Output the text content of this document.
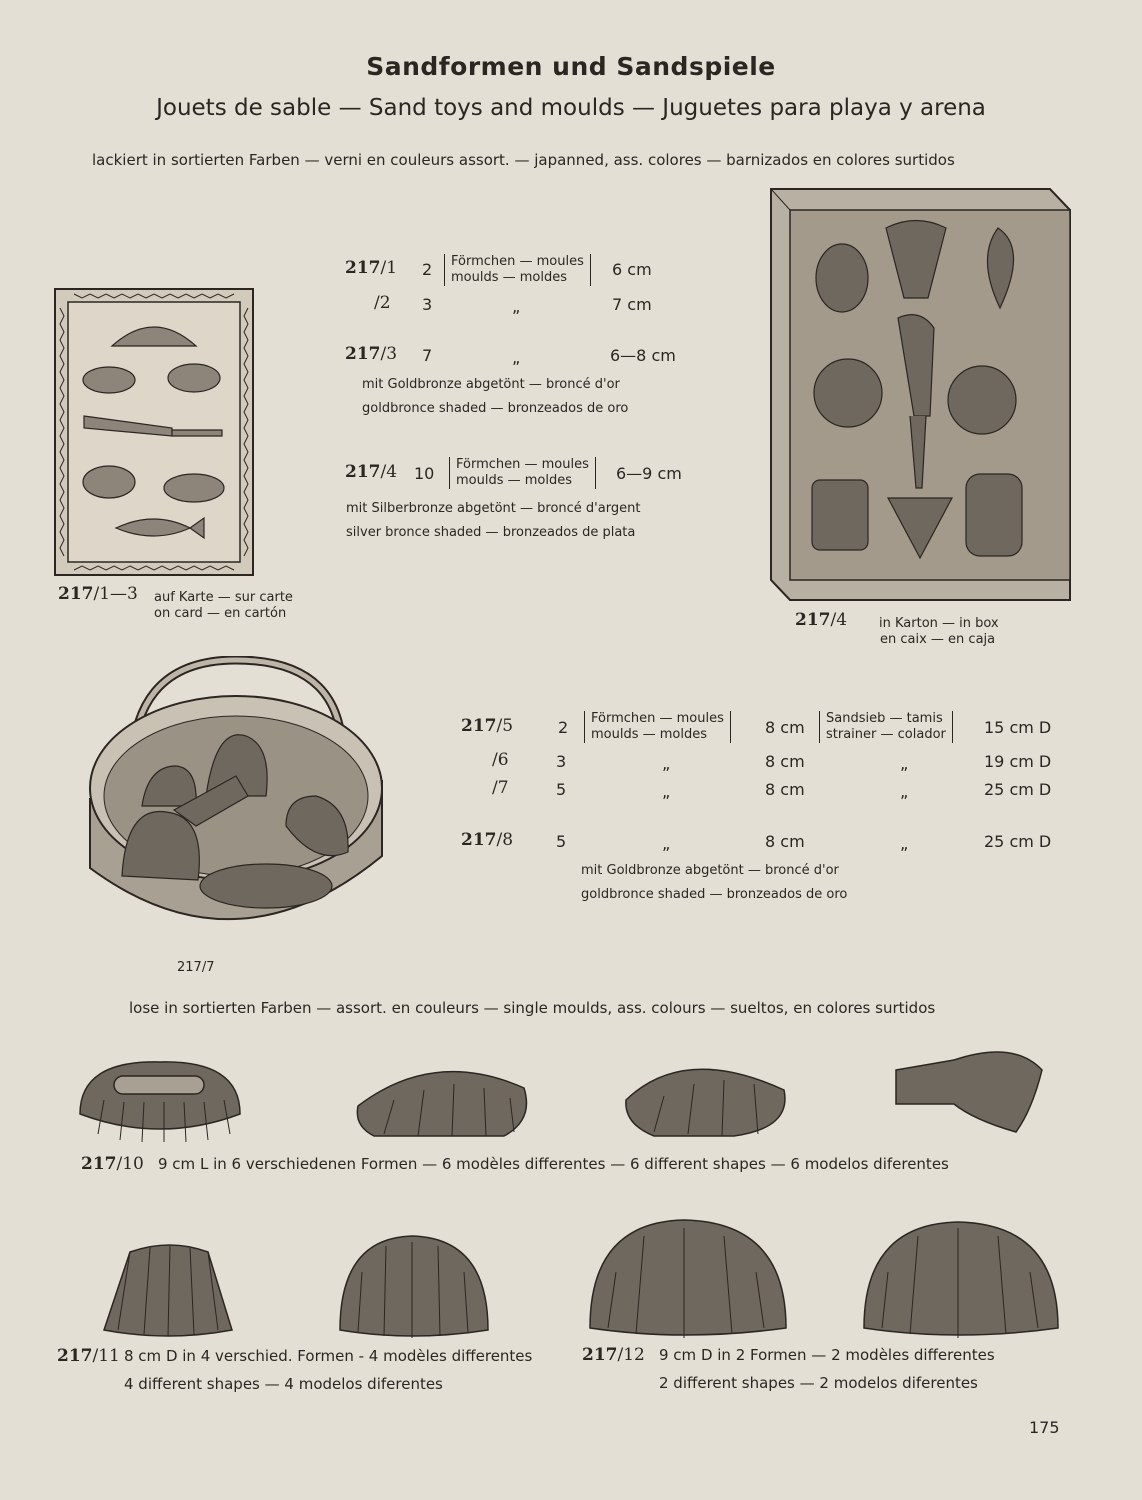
Sandformen und Sandspiele
Jouets de sable — Sand toys and moulds — Juguetes para playa y arena
lackiert in sortierten Farben — verni en couleurs assort. — japanned, ass. colores — barnizados en colores surtidos
217/1—3 auf Karte — sur carte
on card — en cartón
217/1 2 Förmchen — moules
moulds — moldes	6 cm
/2 3	„	7 cm
217/3 7	„	6—8 cm
mit Goldbronze abgetönt — broncé d'or
goldbronce shaded — bronzeados de oro
217/4 10 Förmchen — moules
moulds — moldes	6—9 cm
mit Silberbronze abgetönt — broncé d'argent
silver bronce shaded — bronzeados de plata
217/4 in Karton — in box
en caix — en caja
217/7
217/5	2 Förmchen — moules
moulds — moldes	8 cm Sandsieb — tamis
strainer — colador 15 cm D
/6	3	„	8 cm	„	19 cm D
/7	5	„	8 cm	„	25 cm D
217/8	5	„	8 cm	„	25 cm D
mit Goldbronze abgetönt — broncé d'or
goldbronce shaded — bronzeados de oro
lose in sortierten Farben — assort. en couleurs — single moulds, ass. colours — sueltos, en colores surtidos
217/10 9 cm L in 6 verschiedenen Formen — 6 modèles differentes — 6 different shapes — 6 modelos diferentes
217/11 8 cm D in 4 verschied. Formen - 4 modèles differentes
4 different shapes — 4 modelos diferentes
217/12 9 cm D in 2 Formen — 2 modèles differentes
2 different shapes — 2 modelos diferentes
175
